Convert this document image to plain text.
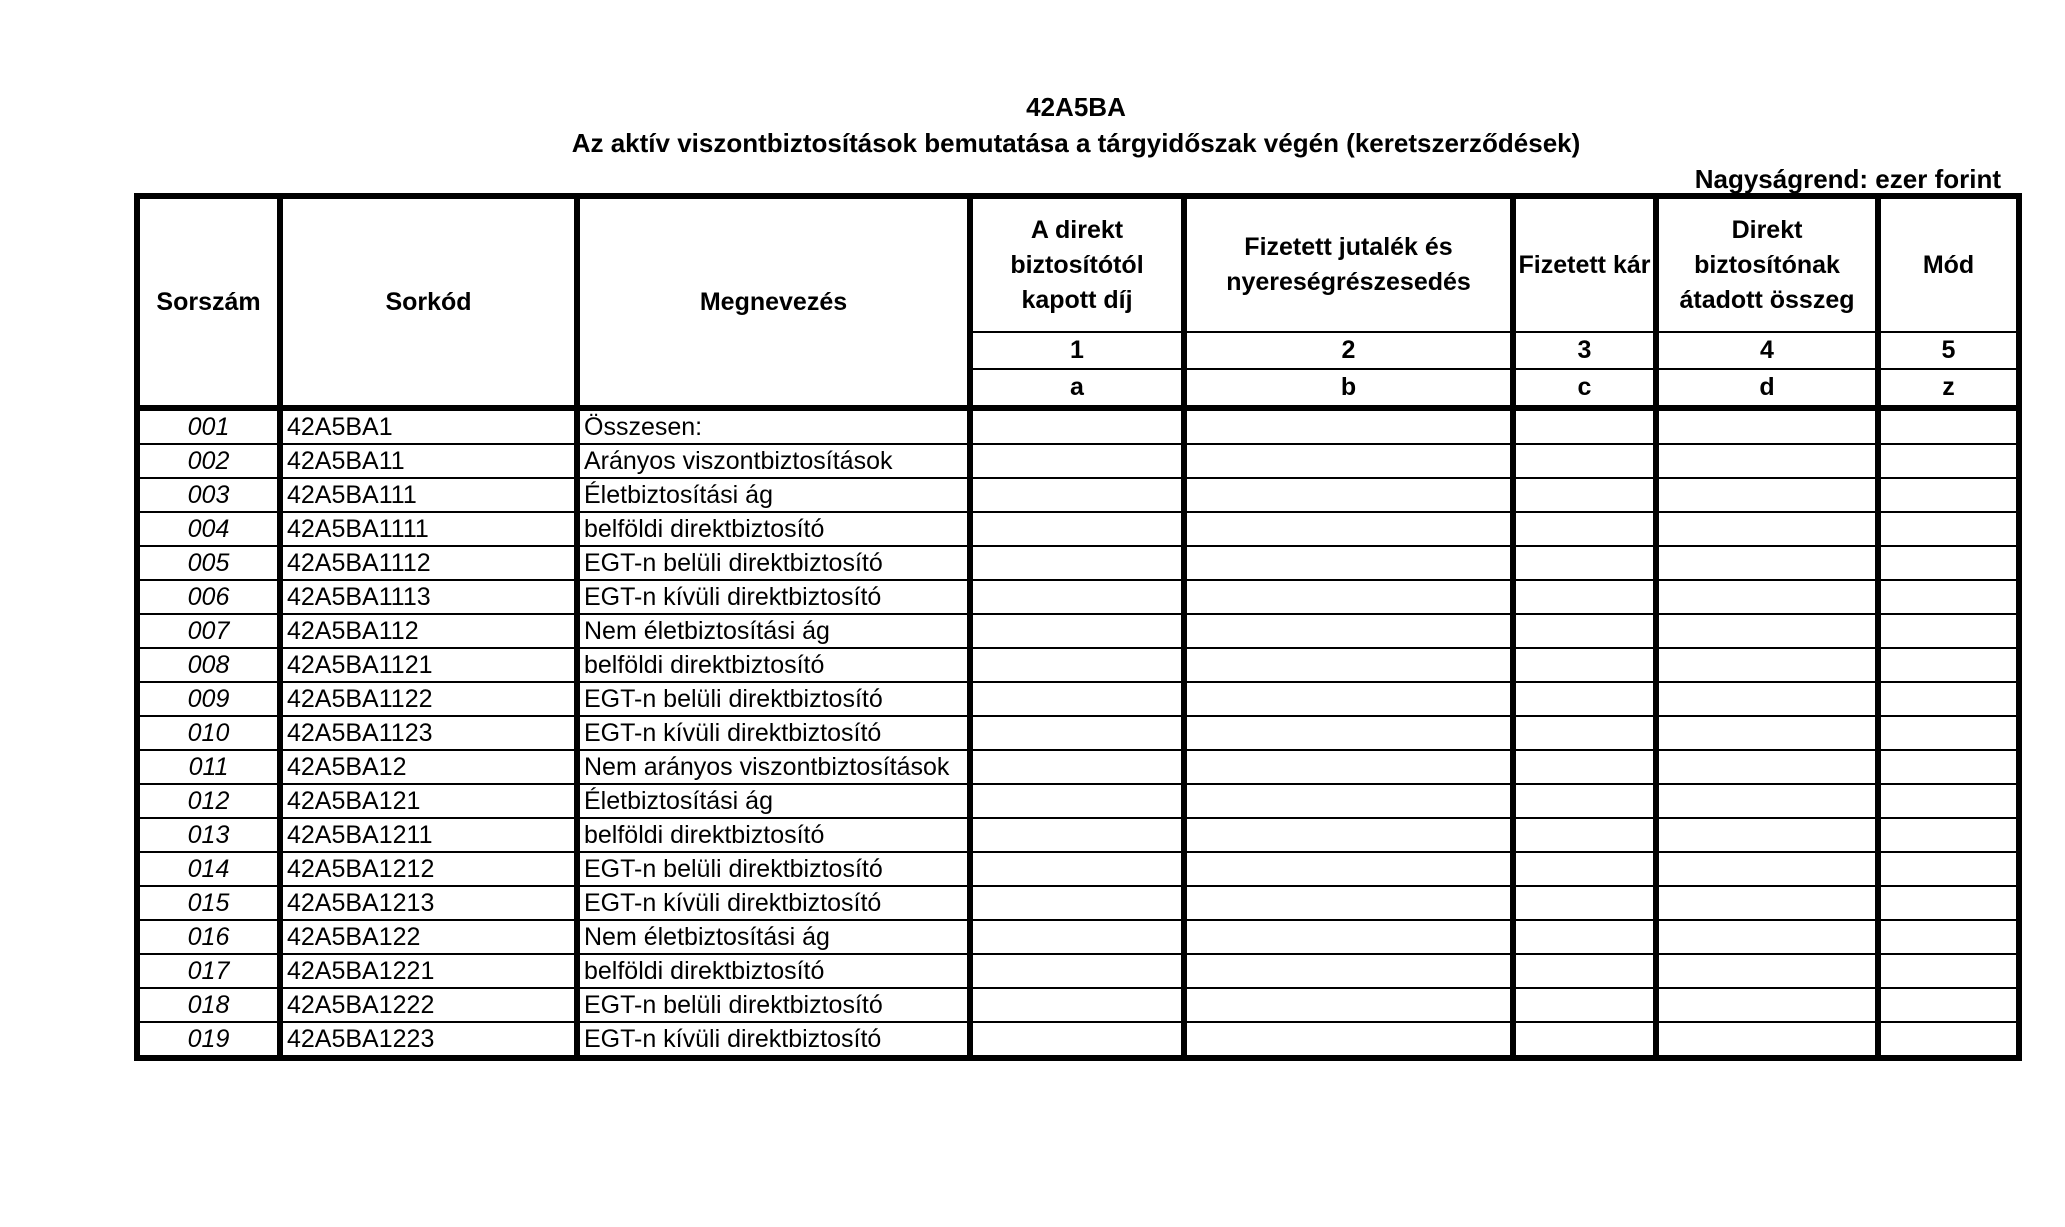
42A5BA
Az aktív viszontbiztosítások bemutatása a tárgyidőszak végén (keretszerződések)
Nagyságrend: ezer forint
Sorszám	Sorkód	Megnevezés	A direkt biztosítótól kapott díj	Fizetett jutalék és nyereségrészesedés	Fizetett kár	Direkt biztosítónak átadott összeg	Mód
			1	2	3	4	5
			a	b	c	d	z
001	42A5BA1	Összesen:					
002	42A5BA11	Arányos viszontbiztosítások					
003	42A5BA111	Életbiztosítási ág					
004	42A5BA1111	belföldi direktbiztosító					
005	42A5BA1112	EGT-n belüli direktbiztosító					
006	42A5BA1113	EGT-n kívüli direktbiztosító					
007	42A5BA112	Nem életbiztosítási ág					
008	42A5BA1121	belföldi direktbiztosító					
009	42A5BA1122	EGT-n belüli direktbiztosító					
010	42A5BA1123	EGT-n kívüli direktbiztosító					
011	42A5BA12	Nem arányos viszontbiztosítások					
012	42A5BA121	Életbiztosítási ág					
013	42A5BA1211	belföldi direktbiztosító					
014	42A5BA1212	EGT-n belüli direktbiztosító					
015	42A5BA1213	EGT-n kívüli direktbiztosító					
016	42A5BA122	Nem életbiztosítási ág					
017	42A5BA1221	belföldi direktbiztosító					
018	42A5BA1222	EGT-n belüli direktbiztosító					
019	42A5BA1223	EGT-n kívüli direktbiztosító					
